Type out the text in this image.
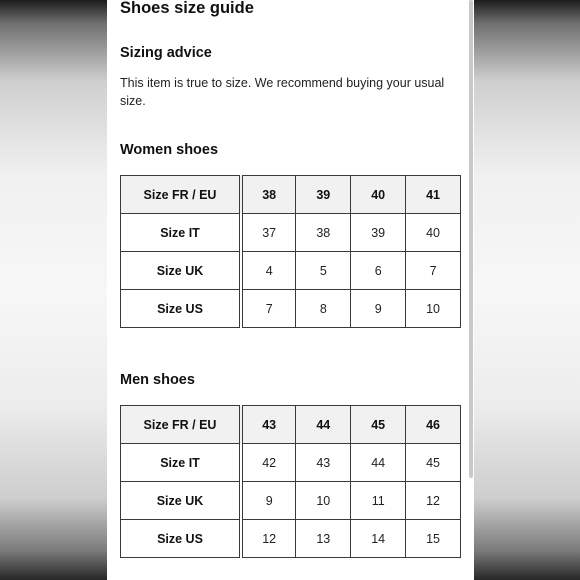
Shoes size guide
Sizing advice

This item is true to size. We recommend buying your usual size.

Women shoes
Size FR / EU	38	39	40	41
Size IT	37	38	39	40
Size UK	4	5	6	7
Size US	7	8	9	10
Men shoes
Size FR / EU	43	44	45	46
Size IT	42	43	44	45
Size UK	9	10	11	12
Size US	12	13	14	15
